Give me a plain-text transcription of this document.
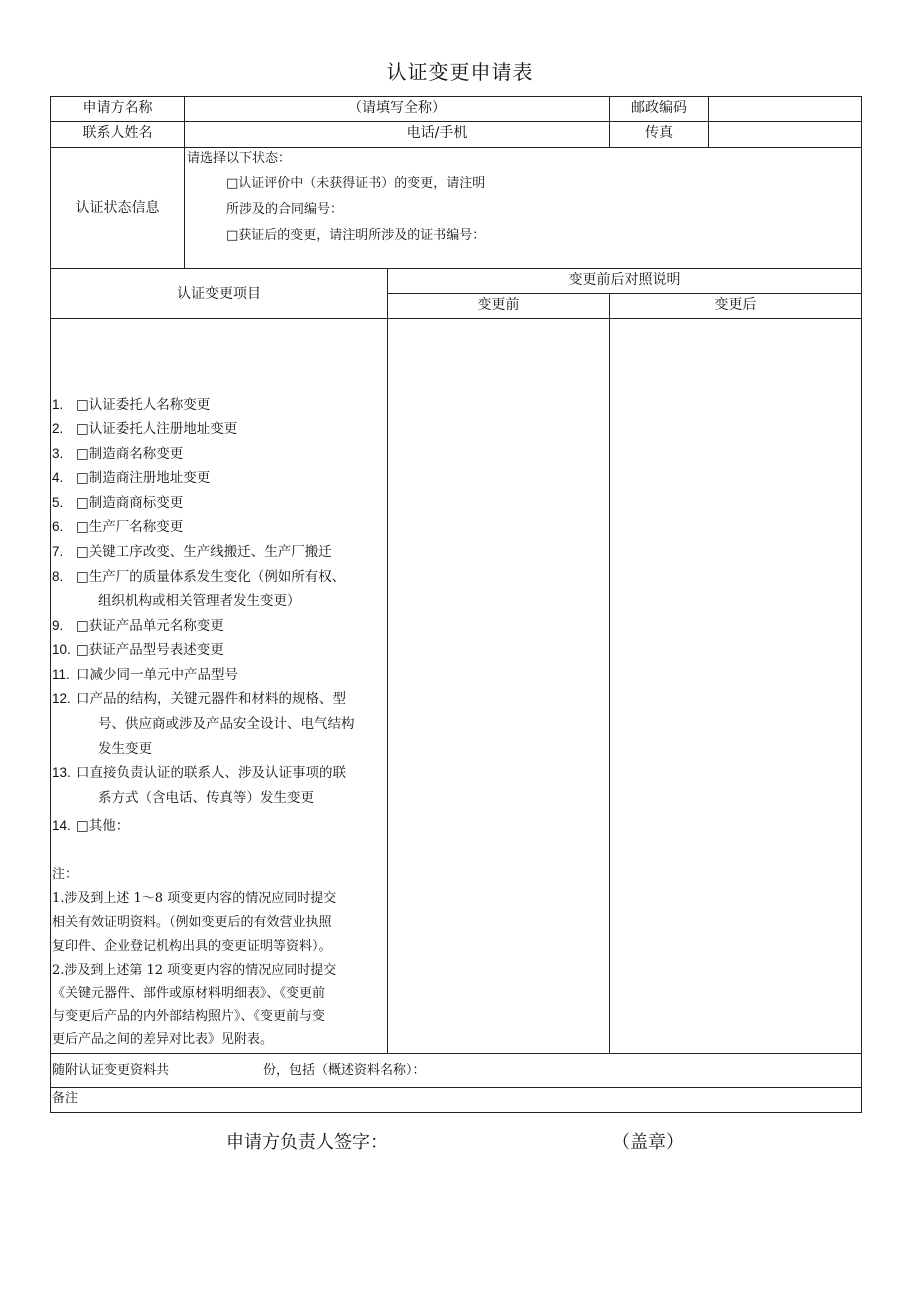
认证变更申请表
申请方名称	（请填写全称）	邮政编码
联系人姓名	电话/手机	传真
认证状态信息
请选择以下状态：
□认证评价中（未获得证书）的变更，请注明
所涉及的合同编号：
□获证后的变更，请注明所涉及的证书编号：
认证变更项目
变更前后对照说明
变更前	变更后
1. □认证委托人名称变更
2. □认证委托人注册地址变更
3. □制造商名称变更
4. □制造商注册地址变更
5. □制造商商标变更
6. □生产厂名称变更
7. □关键工序改变、生产线搬迁、生产厂搬迁
8. □生产厂的质量体系发生变化（例如所有权、
组织机构或相关管理者发生变更）
9. □获证产品单元名称变更
10. □获证产品型号表述变更
11. 口减少同一单元中产品型号
12. 口产品的结构，关键元器件和材料的规格、型
号、供应商或涉及产品安全设计、电气结构
发生变更
13. 口直接负责认证的联系人、涉及认证事项的联
系方式（含电话、传真等）发生变更
14. □其他：
注：
1.涉及到上述 1～8 项变更内容的情况应同时提交
相关有效证明资料。（例如变更后的有效营业执照
复印件、企业登记机构出具的变更证明等资料）。
2.涉及到上述第 12 项变更内容的情况应同时提交
《关键元器件、部件或原材料明细表》、《变更前
与变更后产品的内外部结构照片》、《变更前与变
更后产品之间的差异对比表》见附表。
随附认证变更资料共	份，包括（概述资料名称）：
备注
申请方负责人签字：	（盖章）
